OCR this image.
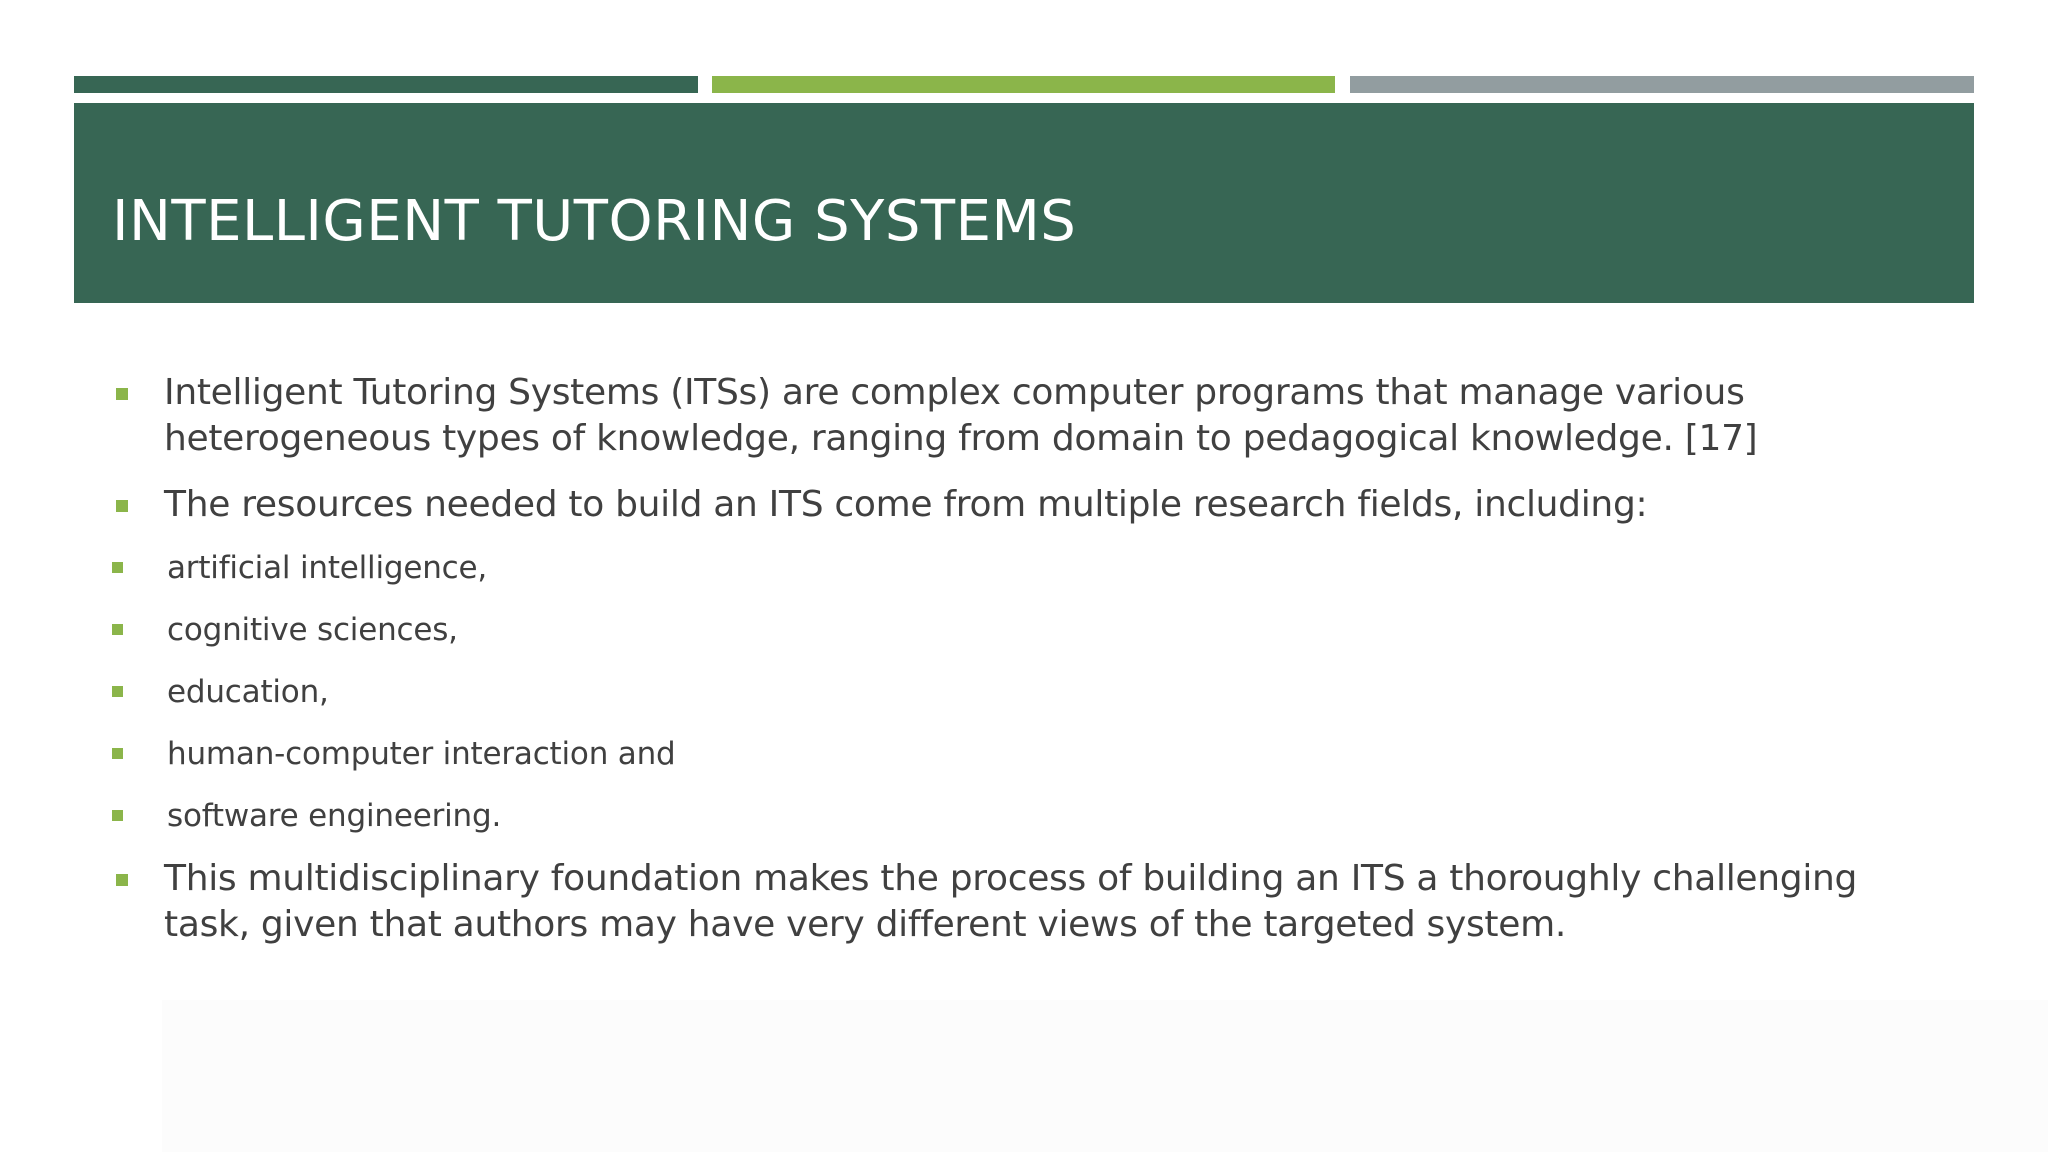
INTELLIGENT TUTORING SYSTEMS
Intelligent Tutoring Systems (ITSs) are complex computer programs that manage various heterogeneous types of knowledge, ranging from domain to pedagogical knowledge. [17]
The resources needed to build an ITS come from multiple research fields, including:
artificial intelligence,
cognitive sciences,
education,
human-computer interaction and
software engineering.
This multidisciplinary foundation makes the process of building an ITS a thoroughly challenging task, given that authors may have very different views of the targeted system.
